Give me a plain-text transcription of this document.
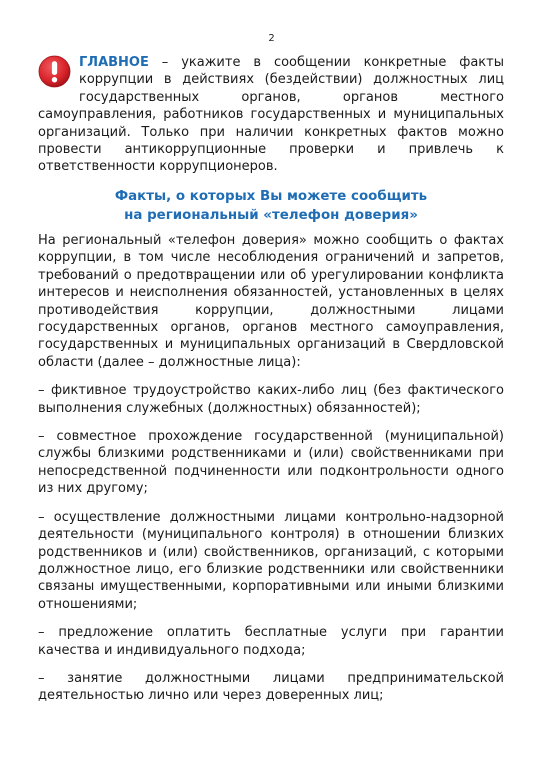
2

ГЛАВНОЕ – укажите в сообщении конкретные факты коррупции в действиях (бездействии) должностных лиц государственных органов, органов местного самоуправления, работников государственных и муниципальных организаций. Только при наличии конкретных фактов можно провести антикоррупционные проверки и привлечь к ответственности коррупционеров.

Факты, о которых Вы можете сообщить
на региональный «телефон доверия»

На региональный «телефон доверия» можно сообщить о фактах коррупции, в том числе несоблюдения ограничений и запретов, требований о предотвращении или об урегулировании конфликта интересов и неисполнения обязанностей, установленных в целях противодействия коррупции, должностными лицами государственных органов, органов местного самоуправления, государственных и муниципальных организаций в Свердловской области (далее – должностные лица):

– фиктивное трудоустройство каких-либо лиц (без фактического выполнения служебных (должностных) обязанностей);

– совместное прохождение государственной (муниципальной) службы близкими родственниками и (или) свойственниками при непосредственной подчиненности или подконтрольности одного из них другому;

– осуществление должностными лицами контрольно-надзорной деятельности (муниципального контроля) в отношении близких родственников и (или) свойственников, организаций, с которыми должностное лицо, его близкие родственники или свойственники связаны имущественными, корпоративными или иными близкими отношениями;

– предложение оплатить бесплатные услуги при гарантии качества и индивидуального подхода;

– занятие должностными лицами предпринимательской деятельностью лично или через доверенных лиц;
